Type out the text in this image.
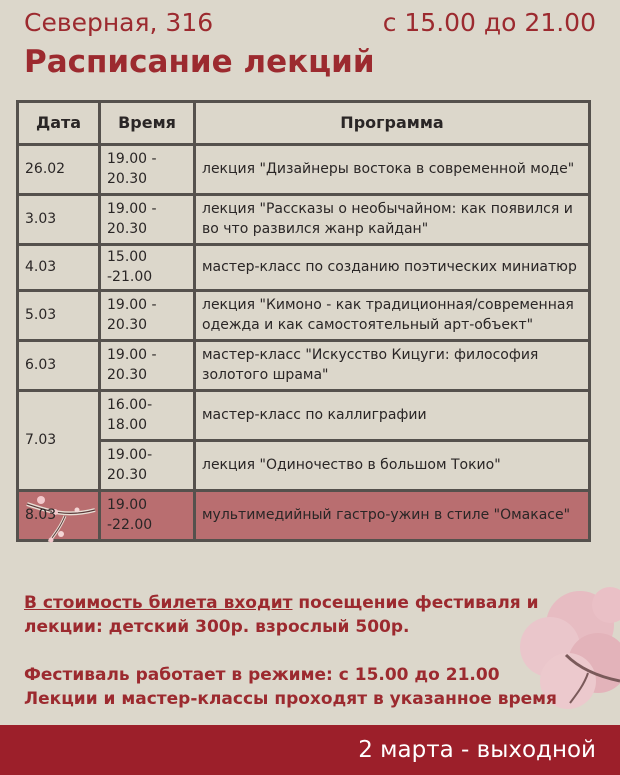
Северная, 316	с 15.00 до 21.00
Расписание лекций
Дата	Время	Программа
26.02	19.00 - 20.30	лекция "Дизайнеры востока в современной моде"
3.03	19.00 - 20.30	лекция "Рассказы о необычайном: как появился и во что развился жанр кайдан"
4.03	15.00 -21.00	мастер-класс по созданию поэтических миниатюр
5.03	19.00 - 20.30	лекция "Кимоно - как традиционная/современная одежда и как самостоятельный арт-объект"
6.03	19.00 - 20.30	мастер-класс "Искусство Кицуги: философия золотого шрама"
7.03	16.00-18.00	мастер-класс по каллиграфии
	19.00-20.30	лекция "Одиночество в большом Токио"

8.03	19.00 -22.00	мультимедийный гастро-ужин в стиле "Омакасе"

В стоимость билета входит посещение фестиваля и лекции: детский 300р. взрослый 500р.

Фестиваль работает в режиме: с 15.00 до 21.00

Лекции и мастер-классы проходят в указанное время

2 марта - выходной
